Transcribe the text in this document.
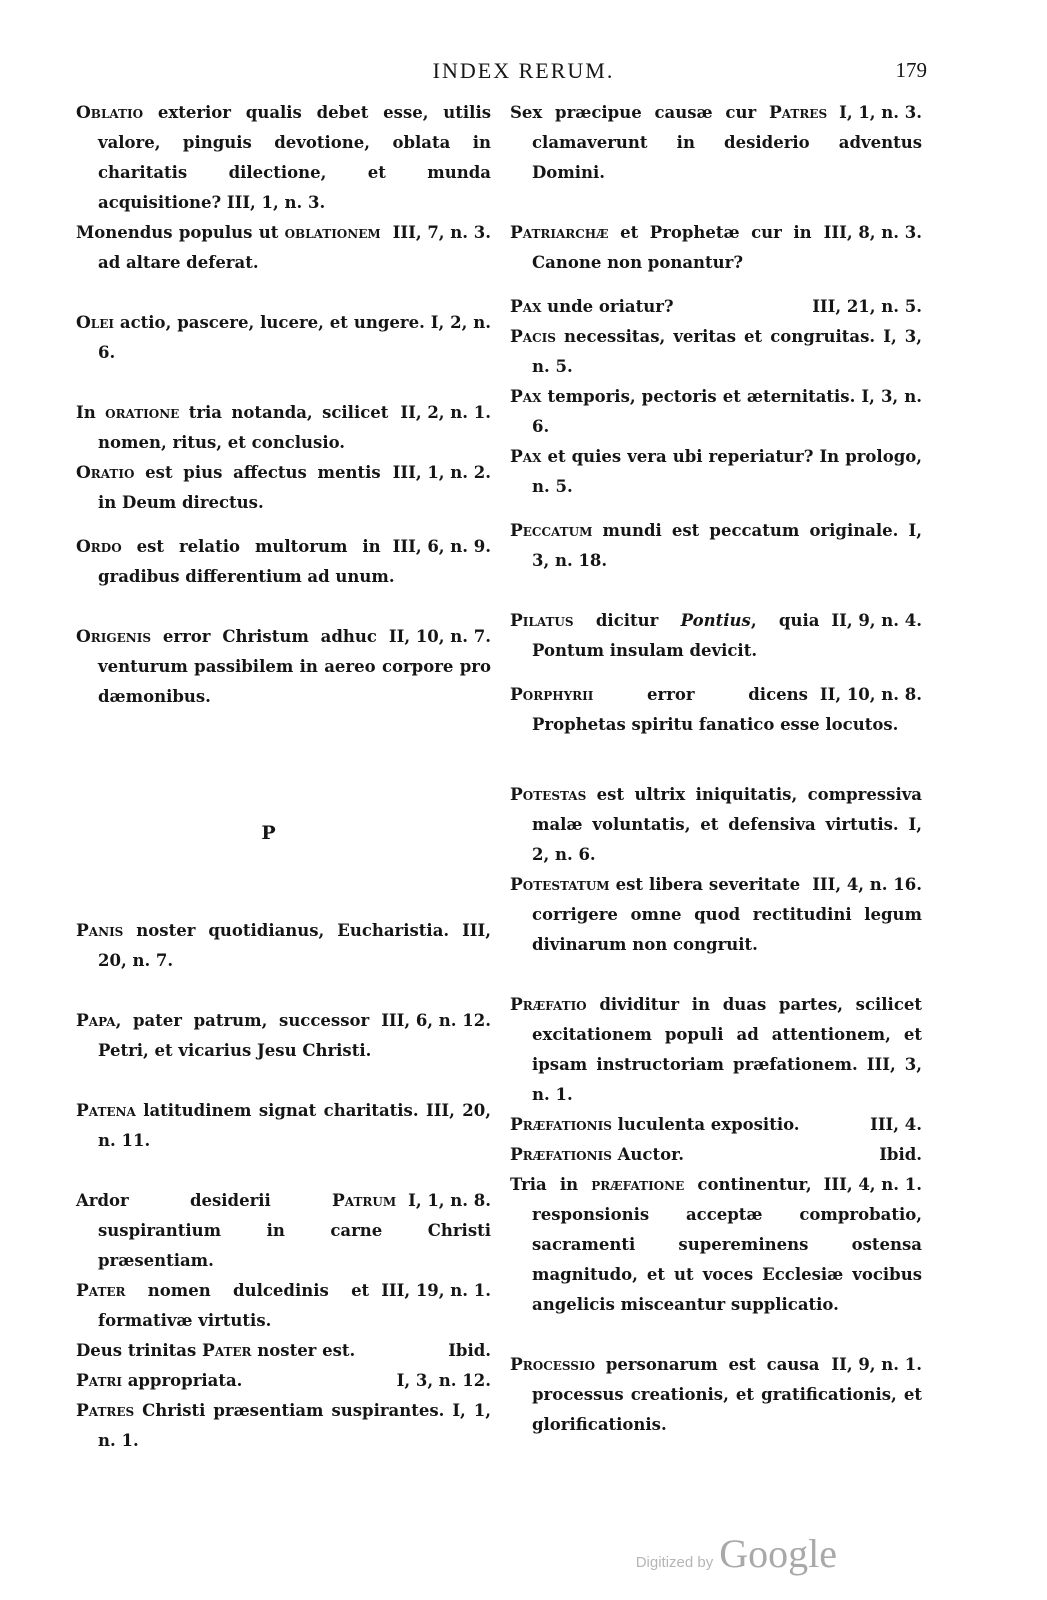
INDEX RERUM.	179
Oblatio exterior qualis debet esse, utilis valore, pinguis devotione, oblata in charitatis dilectione, et munda acquisitione? III, 1, n. 3.
III, 7, n. 3.
Monendus populus ut oblationem ad altare deferat.
Olei actio, pascere, lucere, et ungere. I, 2, n. 6.
II, 2, n. 1.
In oratione tria notanda, scilicet nomen, ritus, et conclusio.
III, 1, n. 2.
Oratio est pius affectus mentis in Deum directus.
III, 6, n. 9.
Ordo est relatio multorum in gradibus differentium ad unum.
II, 10, n. 7.
Origenis error Christum adhuc venturum passibilem in aereo corpore pro dæmonibus.
P
Panis noster quotidianus, Eucharistia. III, 20, n. 7.
III, 6, n. 12.
Papa, pater patrum, successor Petri, et vicarius Jesu Christi.
Patena latitudinem signat charitatis. III, 20, n. 11.
I, 1, n. 8.
Ardor desiderii Patrum suspirantium in carne Christi præsentiam.
III, 19, n. 1.
Pater nomen dulcedinis et formativæ virtutis.
Ibid.
Deus trinitas Pater noster est.
I, 3, n. 12.
Patri appropriata.
Patres Christi præsentiam suspirantes. I, 1, n. 1.
I, 1, n. 3.
Sex præcipue causæ cur Patres clamaverunt in desiderio adventus Domini.
III, 8, n. 3.
Patriarchæ et Prophetæ cur in Canone non ponantur?
III, 21, n. 5.
Pax unde oriatur?
Pacis necessitas, veritas et congruitas. I, 3, n. 5.
Pax temporis, pectoris et æternitatis. I, 3, n. 6.
Pax et quies vera ubi reperiatur? In prologo, n. 5.
Peccatum mundi est peccatum originale. I, 3, n. 18.
II, 9, n. 4.
Pilatus dicitur Pontius, quia Pontum insulam devicit.
II, 10, n. 8.
Porphyrii error dicens Prophetas spiritu fanatico esse locutos.
Potestas est ultrix iniquitatis, compressiva malæ voluntatis, et defensiva virtutis. I, 2, n. 6.
III, 4, n. 16.
Potestatum est libera severitate corrigere omne quod rectitudini legum divinarum non congruit.
Præfatio dividitur in duas partes, scilicet excitationem populi ad attentionem, et ipsam instructoriam præfationem. III, 3, n. 1.
III, 4.
Præfationis luculenta expositio.
Ibid.
Præfationis Auctor.
III, 4, n. 1.
Tria in præfatione continentur, responsionis acceptæ comprobatio, sacramenti supereminens ostensa magnitudo, et ut voces Ecclesiæ vocibus angelicis misceantur supplicatio.
II, 9, n. 1.
Processio personarum est causa processus creationis, et gratificationis, et glorificationis.
Digitized by Google
